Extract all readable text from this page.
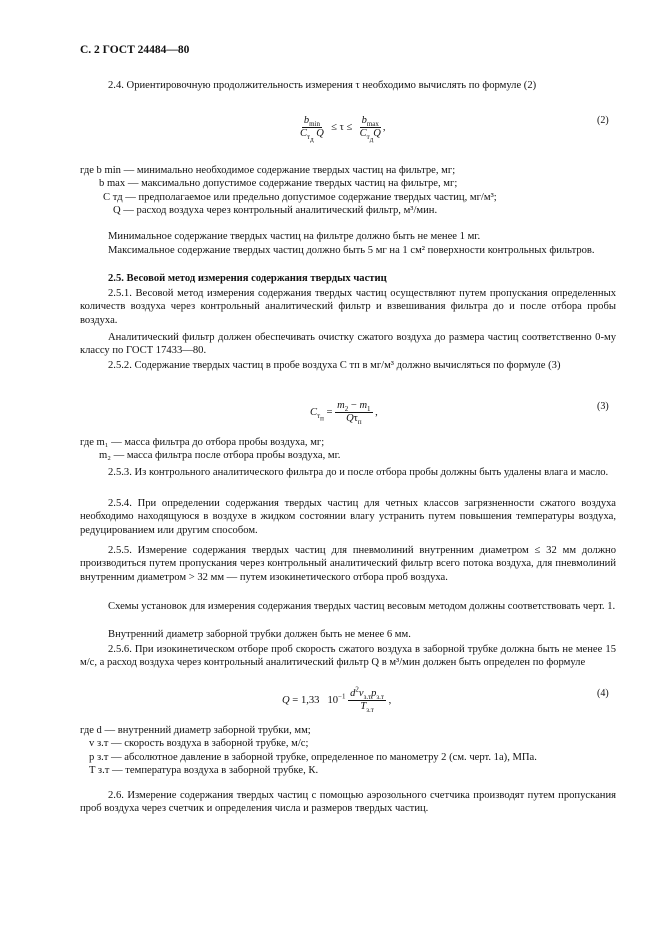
С. 2 ГОСТ 24484—80

2.4. Ориентировочную продолжительность измерения τ необходимо вычислять по формуле (2)

$\frac{b_{min}}{C_{т_д} Q} \le \tau \le \frac{b_{max}}{C_{т_д}Q}$ ,
(2)

где b min — минимально необходимое содержание твердых частиц на фильтре, мг;

b max — максимально допустимое содержание твердых частиц на фильтре, мг;

C тд — предполагаемое или предельно допустимое содержание твердых частиц, мг/м³;

Q — расход воздуха через контрольный аналитический фильтр, м³/мин.

Минимальное содержание твердых частиц на фильтре должно быть не менее 1 мг.

Максимальное содержание твердых частиц должно быть 5 мг на 1 см² поверхности контрольных фильтров.

2.5. Весовой метод измерения содержания твердых частиц

2.5.1. Весовой метод измерения содержания твердых частиц осуществляют путем пропускания определенных количеств воздуха через контрольный аналитический фильтр и взвешивания фильтра до и после отбора пробы воздуха.

Аналитический фильтр должен обеспечивать очистку сжатого воздуха до размера частиц соответственно 0-му классу по ГОСТ 17433—80.

2.5.2. Содержание твердых частиц в пробе воздуха C тп в мг/м³ должно вычисляться по формуле (3)

$C_{т_п} = \frac{m_2 - m_1}{Q\tau_п}$ ,
(3)

где m₁ — масса фильтра до отбора пробы воздуха, мг;

m₂ — масса фильтра после отбора пробы воздуха, мг.

2.5.3. Из контрольного аналитического фильтра до и после отбора пробы должны быть удалены влага и масло.

2.5.4. При определении содержания твердых частиц для четных классов загрязненности сжатого воздуха необходимо находящуюся в воздухе в жидком состоянии влагу устранить путем повышения температуры воздуха, редуцированием или другим способом.

2.5.5. Измерение содержания твердых частиц для пневмолиний внутренним диаметром ≤ 32 мм должно производиться путем пропускания через контрольный аналитический фильтр всего потока воздуха, для пневмолиний внутренним диаметром > 32 мм — путем изокинетического отбора проб воздуха.

Схемы установок для измерения содержания твердых частиц весовым методом должны соответствовать черт. 1.

Внутренний диаметр заборной трубки должен быть не менее 6 мм.

2.5.6. При изокинетическом отборе проб скорость сжатого воздуха в заборной трубке должна быть не менее 15 м/с, а расход воздуха через контрольный аналитический фильтр Q в м³/мин должен быть определен по формуле

Q = 1,33 $10^{-1} \frac{d^2v_{з.т}p_{з.т}}{T_{з.т}}$ ,
(4)

где d — внутренний диаметр заборной трубки, мм;

v з.т — скорость воздуха в заборной трубке, м/с;

p з.т — абсолютное давление в заборной трубке, определенное по манометру 2 (см. черт. 1а), МПа.

T з.т — температура воздуха в заборной трубке, К.

2.6. Измерение содержания твердых частиц с помощью аэрозольного счетчика производят путем пропускания проб воздуха через счетчик и определения числа и размеров твердых частиц.
